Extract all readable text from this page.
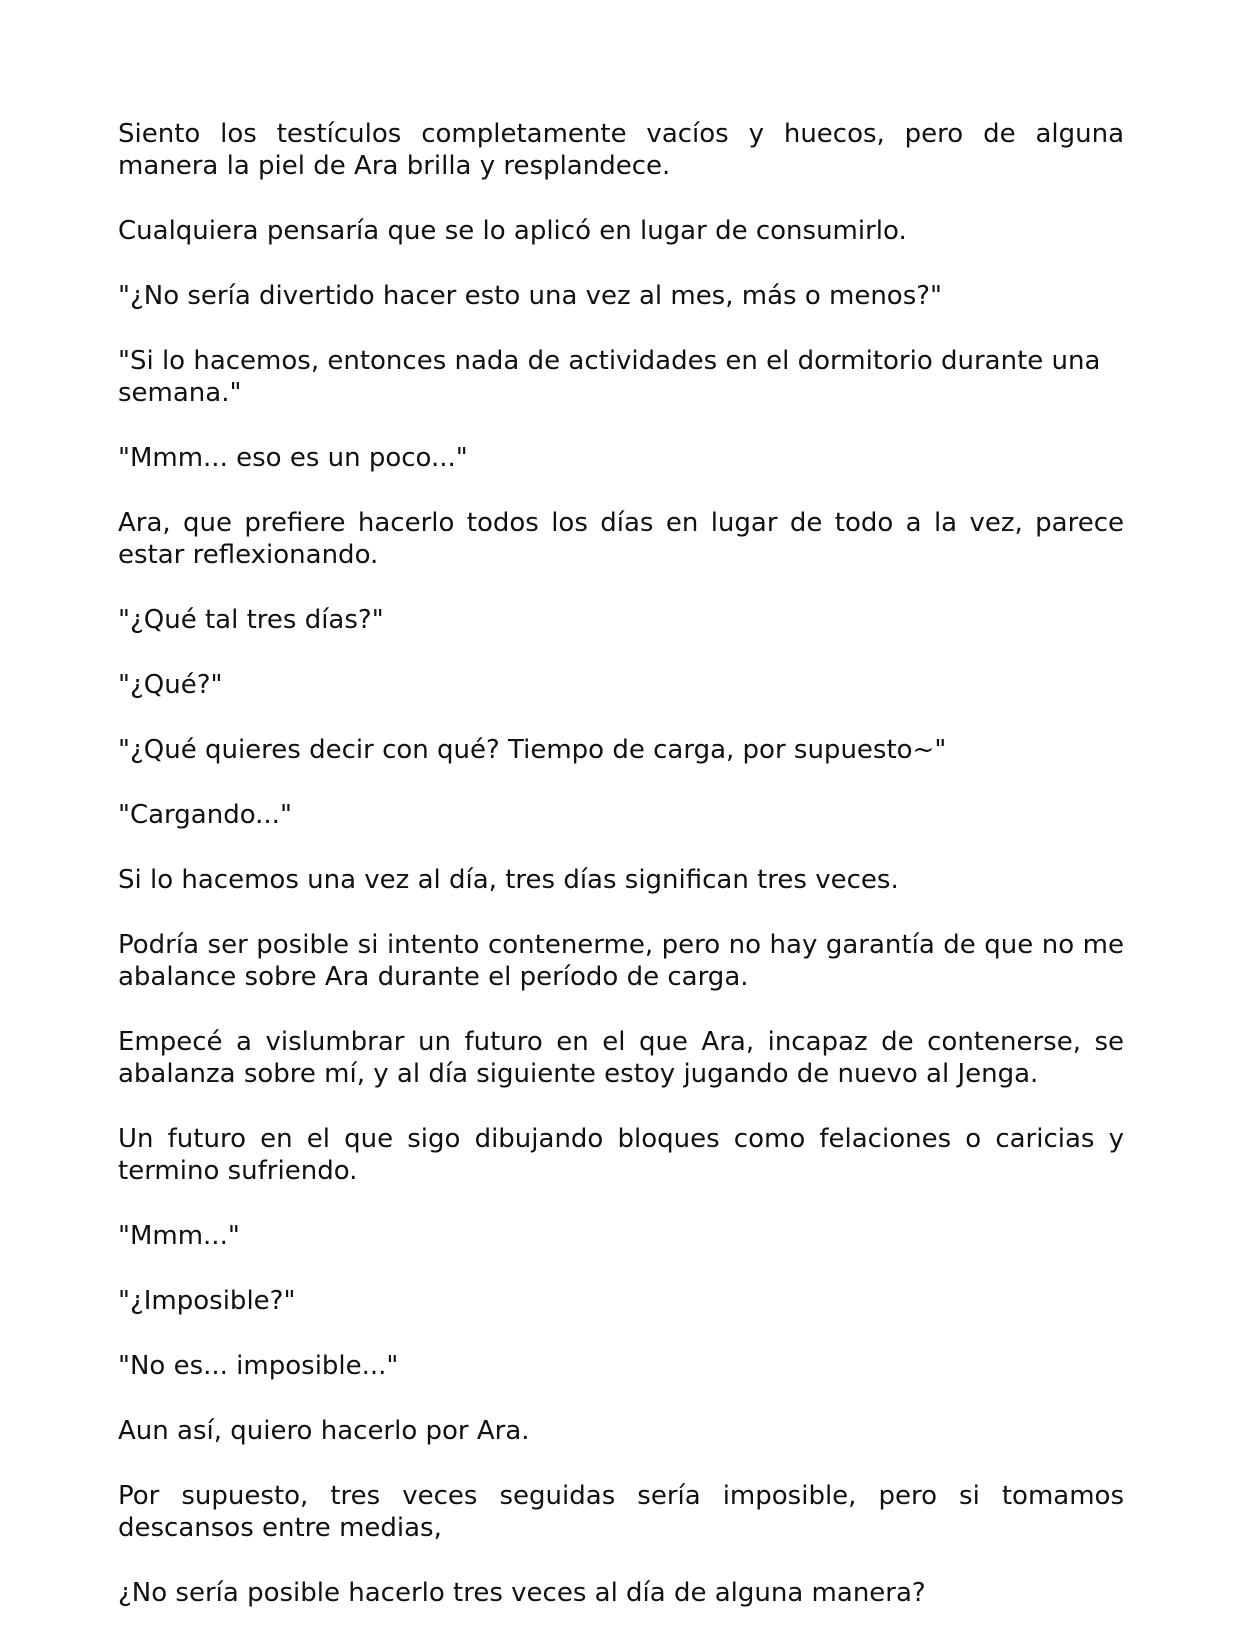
Siento los testículos completamente vacíos y huecos, pero de alguna manera la piel de Ara brilla y resplandece.

Cualquiera pensaría que se lo aplicó en lugar de consumirlo.

"¿No sería divertido hacer esto una vez al mes, más o menos?"

"Si lo hacemos, entonces nada de actividades en el dormitorio durante una semana."

"Mmm... eso es un poco..."

Ara, que prefiere hacerlo todos los días en lugar de todo a la vez, parece estar reflexionando.

"¿Qué tal tres días?"

"¿Qué?"

"¿Qué quieres decir con qué? Tiempo de carga, por supuesto~"

"Cargando..."

Si lo hacemos una vez al día, tres días significan tres veces.

Podría ser posible si intento contenerme, pero no hay garantía de que no me abalance sobre Ara durante el período de carga.

Empecé a vislumbrar un futuro en el que Ara, incapaz de contenerse, se abalanza sobre mí, y al día siguiente estoy jugando de nuevo al Jenga.

Un futuro en el que sigo dibujando bloques como felaciones o caricias y termino sufriendo.

"Mmm..."

"¿Imposible?"

"No es... imposible..."

Aun así, quiero hacerlo por Ara.

Por supuesto, tres veces seguidas sería imposible, pero si tomamos descansos entre medias,

¿No sería posible hacerlo tres veces al día de alguna manera?
